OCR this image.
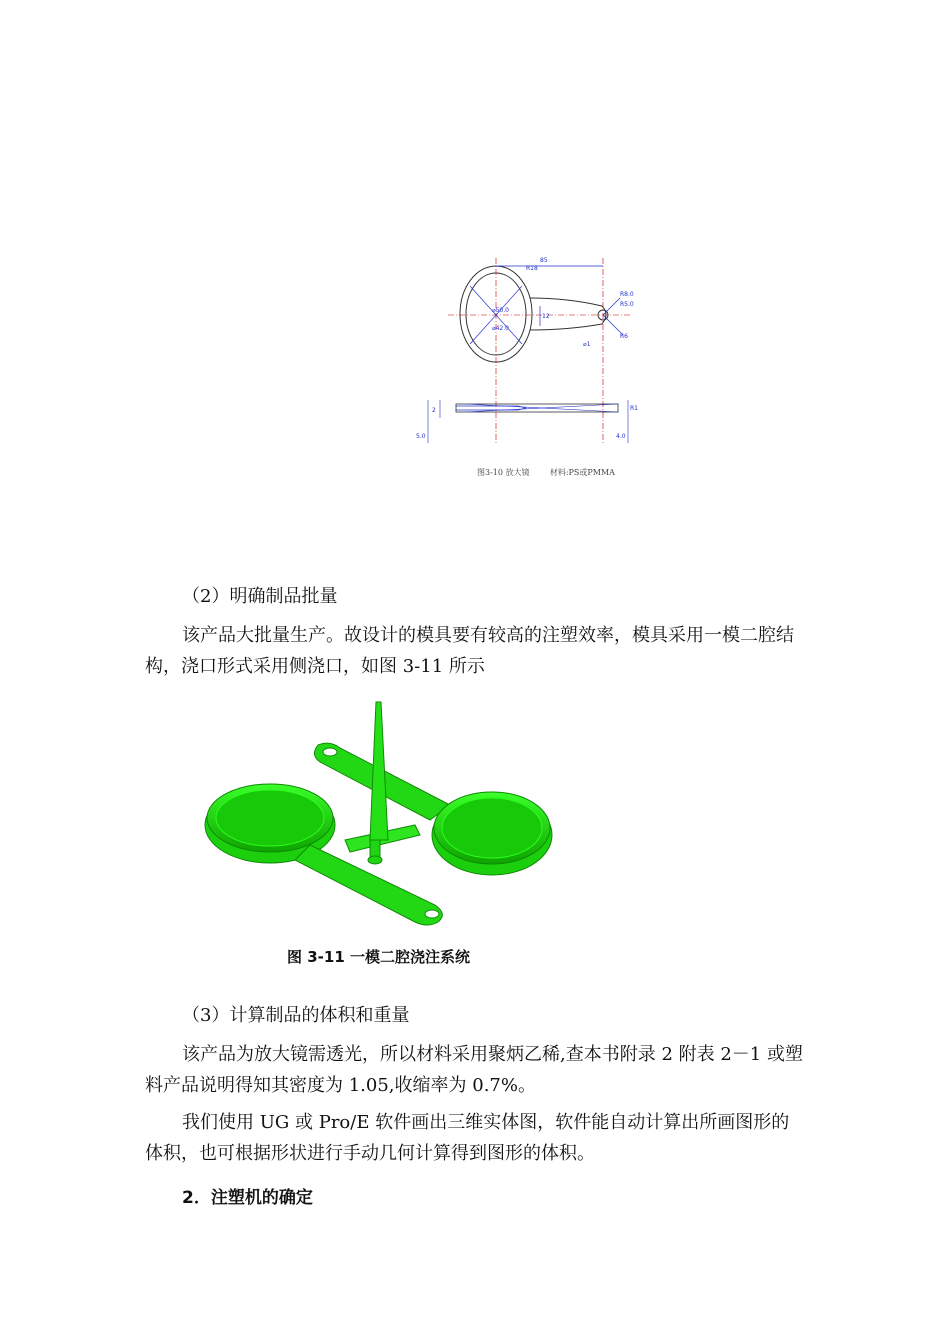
85
R18
R8.0
R5.0
R6
⌀50.0
⌀42.0
12
⌀1
2
5.0	4.0
R1
图3-10 放大镜        材料:PS或PMMA
（2）明确制品批量
该产品大批量生产。故设计的模具要有较高的注塑效率，模具采用一模二腔结构，浇口形式采用侧浇口，如图 3-11 所示
图 3-11 一模二腔浇注系统
（3）计算制品的体积和重量
该产品为放大镜需透光，所以材料采用聚炳乙稀,查本书附录 2 附表 2－1 或塑料产品说明得知其密度为 1.05,收缩率为 0.7%。
我们使用 UG 或 Pro/E 软件画出三维实体图，软件能自动计算出所画图形的体积，也可根据形状进行手动几何计算得到图形的体积。
2．注塑机的确定
